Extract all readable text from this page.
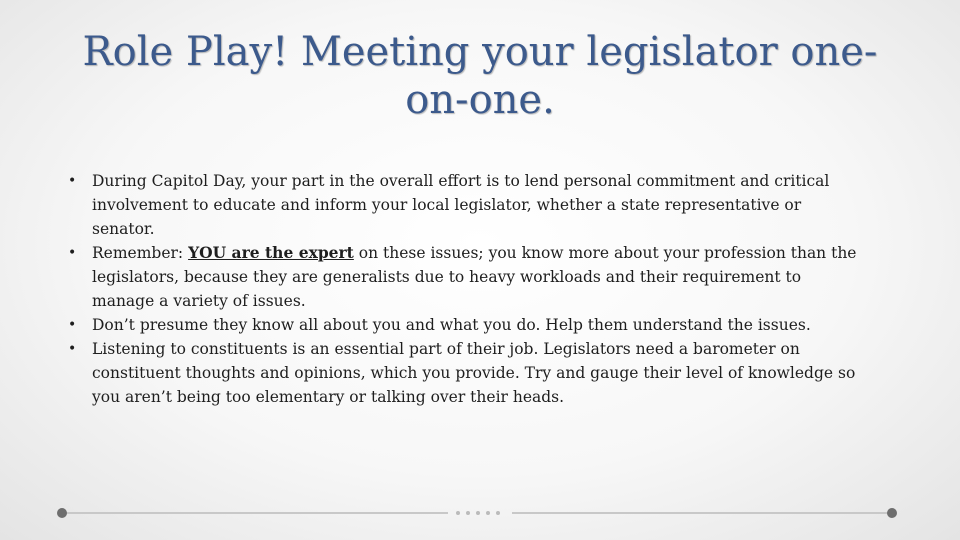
Role Play! Meeting your legislator one-
on-one.
• During Capitol Day, your part in the overall effort is to lend personal commitment and critical involvement to educate and inform your local legislator, whether a state representative or senator.
• Remember: YOU are the expert on these issues; you know more about your profession than the legislators, because they are generalists due to heavy workloads and their requirement to manage a variety of issues.
• Don’t presume they know all about you and what you do. Help them understand the issues.
• Listening to constituents is an essential part of their job. Legislators need a barometer on constituent thoughts and opinions, which you provide. Try and gauge their level of knowledge so you aren’t being too elementary or talking over their heads.
